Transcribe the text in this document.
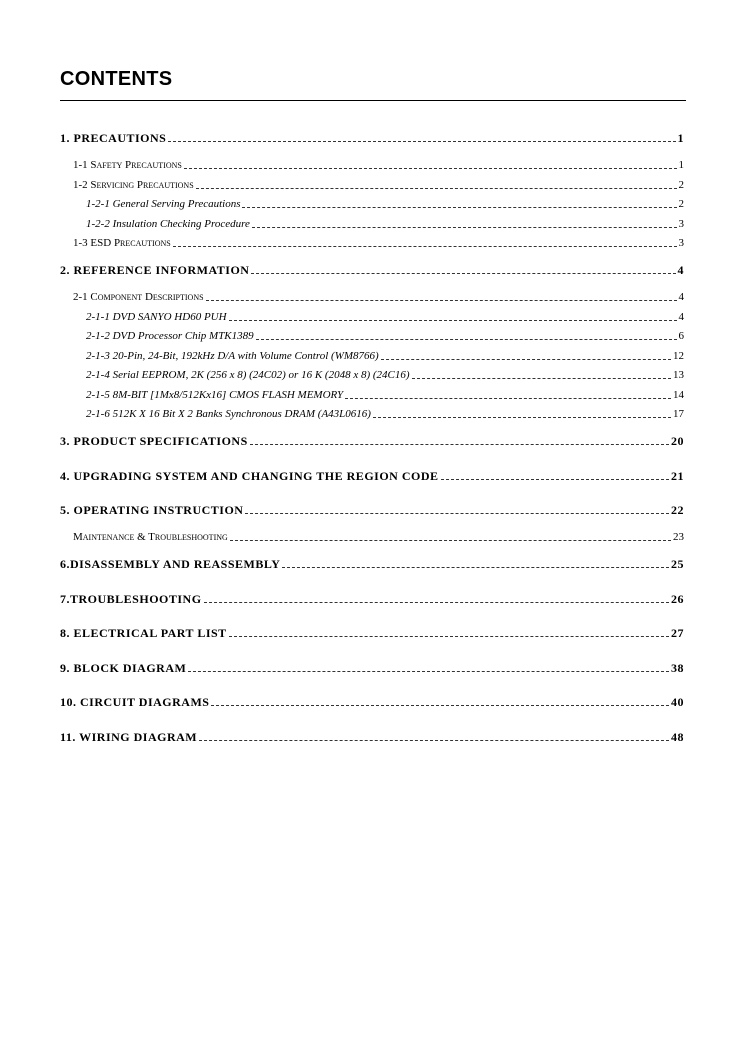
CONTENTS
1. PRECAUTIONS	1
1-1 Safety Precautions	1
1-2 Servicing Precautions	2
1-2-1 General Serving Precautions	2
1-2-2 Insulation Checking Procedure	3
1-3 ESD Precautions	3
2. REFERENCE INFORMATION	4
2-1 Component Descriptions	4
2-1-1 DVD SANYO HD60 PUH	4
2-1-2 DVD Processor Chip MTK1389	6
2-1-3 20-Pin, 24-Bit, 192kHz D/A with Volume Control (WM8766)	12
2-1-4 Serial EEPROM, 2K (256 x 8) (24C02) or 16 K (2048 x 8) (24C16)	13
2-1-5 8M-BIT [1Mx8/512Kx16] CMOS FLASH MEMORY	14
2-1-6 512K X 16 Bit X 2 Banks Synchronous DRAM (A43L0616)	17
3. PRODUCT SPECIFICATIONS	20
4. UPGRADING SYSTEM AND CHANGING THE REGION CODE	21
5. OPERATING INSTRUCTION	22
Maintenance & Troubleshooting	23
6.DISASSEMBLY AND REASSEMBLY	25
7.TROUBLESHOOTING	26
8. ELECTRICAL PART LIST	27
9. BLOCK DIAGRAM	38
10. CIRCUIT DIAGRAMS	40
11. WIRING DIAGRAM	48
